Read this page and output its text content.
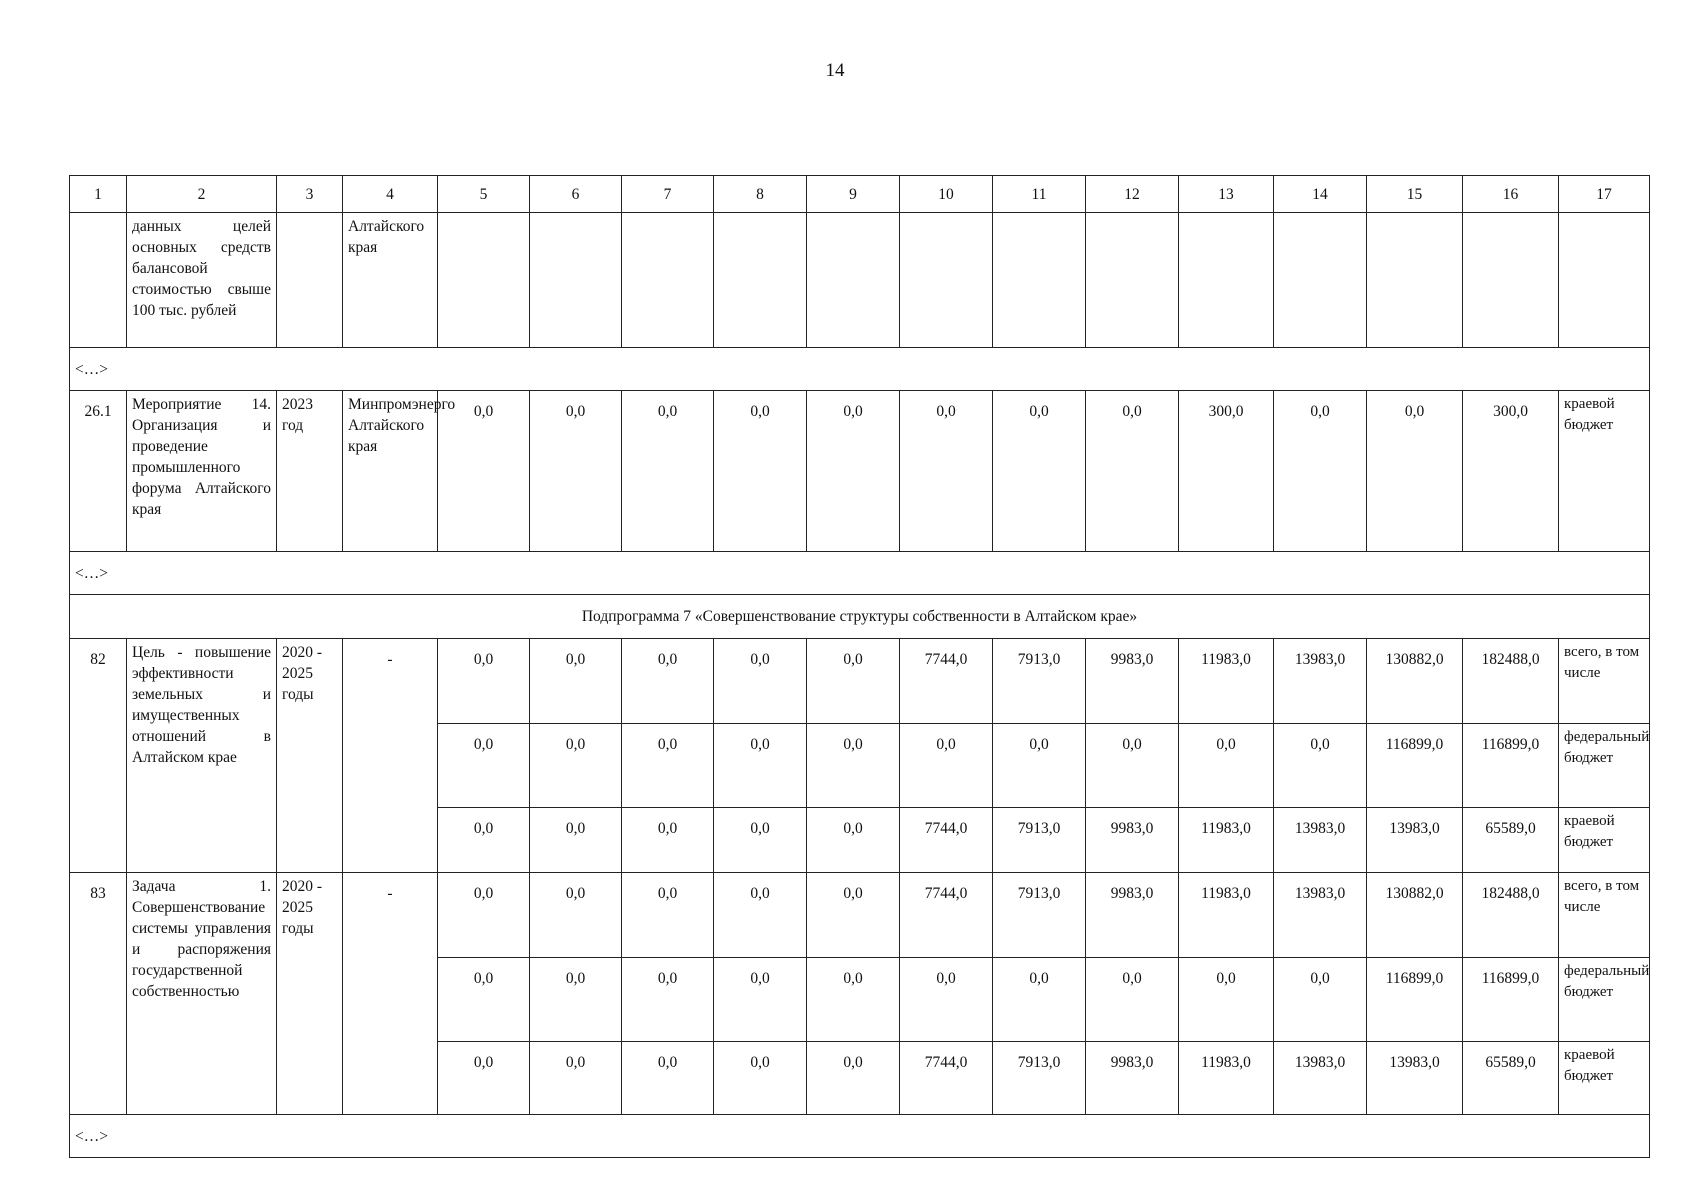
14
1	2	3	4	5	6	7	8	9	10	11	12	13	14	15	16	17
	данных целей основных средств балансовой стоимостью свыше 100 тыс. рублей		Алтайского края													
<…>																
26.1	Мероприятие 14. Организация и проведение промышленного форума Алтайского края	2023 год	Минпромэнерго Алтайского края	0,0	0,0	0,0	0,0	0,0	0,0	0,0	0,0	300,0	0,0	0,0	300,0	краевой бюджет
<…>																
Подпрограмма 7 «Совершенствование структуры собственности в Алтайском крае»																
82	Цель - повышение эффективности земельных и имущественных отношений в Алтайском крае	2020 - 2025 годы	-	0,0	0,0	0,0	0,0	0,0	7744,0	7913,0	9983,0	11983,0	13983,0	130882,0	182488,0	всего, в том числе
				0,0	0,0	0,0	0,0	0,0	0,0	0,0	0,0	0,0	0,0	116899,0	116899,0	федеральный бюджет
				0,0	0,0	0,0	0,0	0,0	7744,0	7913,0	9983,0	11983,0	13983,0	13983,0	65589,0	краевой бюджет
83	Задача 1. Совершенствование системы управления и распоряжения государственной собственностью	2020 - 2025 годы	-	0,0	0,0	0,0	0,0	0,0	7744,0	7913,0	9983,0	11983,0	13983,0	130882,0	182488,0	всего, в том числе
				0,0	0,0	0,0	0,0	0,0	0,0	0,0	0,0	0,0	0,0	116899,0	116899,0	федеральный бюджет
				0,0	0,0	0,0	0,0	0,0	7744,0	7913,0	9983,0	11983,0	13983,0	13983,0	65589,0	краевой бюджет
<…>																
